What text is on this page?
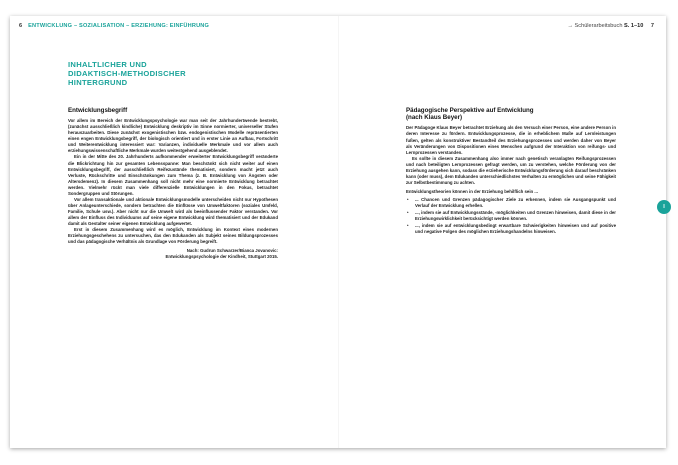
6 ENTWICKLUNG – SOZIALISATION – ERZIEHUNG: EINFÜHRUNG	→ Schülerarbeitsbuch S. 1–10 7
INHALTLICHER UND
DIDAKTISCH-METHODISCHER
HINTERGRUND
Entwicklungsbegriff

Vor allem im Bereich der Entwicklungspsychologie war man seit der Jahrhundertwende bestrebt, (zunächst ausschließlich kindliche) Entwicklung deskriptiv im Sinne normierter, universeller Stufen herauszuarbeiten. Diese zunächst exogenistischen bzw. endogenistischen Modelle repräsentierten einen engen Entwicklungsbegriff, der biologisch orientiert und in erster Linie an Aufbau, Fortschritt und Weiterentwicklung interessiert war: Varianzen, individuelle Merkmale und vor allem auch erziehungswissenschaftliche Merkmale wurden weitestgehend ausgeblendet.

Ein in der Mitte des 20. Jahrhunderts aufkommender erweiterter Entwicklungsbegriff veränderte die Blickrichtung hin zur gesamten Lebensspanne: Man beschränkt sich nicht weiter auf einen Entwicklungsbegriff, der ausschließlich Reifezustände thematisiert, sondern macht jetzt auch Verluste, Rückschritte und Einschränkungen zum Thema (z. B. Entwicklung von Ängsten oder Altersdemenz). In diesem Zusammenhang soll nicht mehr eine normierte Entwicklung betrachtet werden. Vielmehr rückt man viele differenzielle Entwicklungen in den Fokus, betrachtet Sondergruppen und Störungen.

Vor allem transaktionale und aktionale Entwicklungsmodelle unterscheiden nicht nur Hypothesen über Anlageunterschiede, sondern betrachten die Einflüsse von Umweltfaktoren (soziales Umfeld, Familie, Schule usw.). Aber nicht nur die Umwelt wird als beeinflussender Faktor verstanden. Vor allem der Einfluss des Individuums auf seine eigene Entwicklung wird thematisiert und der Edukand damit als Gestalter seiner eigenen Entwicklung aufgewertet.

Erst in diesem Zusammenhang wird es möglich, Entwicklung im Kontext eines modernen Erziehungsgeschehens zu untersuchen, das den Edukanden als Subjekt seines Bildungsprozesses und das pädagogische Verhältnis als Grundlage von Förderung begreift.

Nach: Gudrun Schwarzer/Bianca Jovanovic:
Entwicklungspsychologie der Kindheit, Stuttgart 2015.

Pädagogische Perspektive auf Entwicklung
(nach Klaus Beyer)

Der Pädagoge Klaus Beyer betrachtet Erziehung als den Versuch einer Person, eine andere Person in deren Interesse zu fördern. Entwicklungsprozesse, die in erheblichem Maße auf Lernleistungen fußen, gelten als konstruktiver Bestandteil des Erziehungsprozesses und werden daher von Beyer als Veränderungen von Dispositionen eines Menschen aufgrund der Interaktion von reifungs- und Lernprozessen verstanden.

Es sollte in diesem Zusammenhang also immer nach genetisch veranlagten Reifungsprozessen und nach beteiligten Lernprozessen gefragt werden, um zu verstehen, welche Förderung von der Erziehung ausgehen kann, sodass die erzieherische Entwicklungsförderung sich darauf beschränken kann (oder muss), dem Edukanden unterschiedlichstes Verhalten zu ermöglichen und seine Fähigkeit zur Selbstbestimmung zu achten.

Entwicklungstheorien können in der Erziehung behilflich sein ...

• ... Chancen und Grenzen pädagogischer Ziele zu erkennen, indem sie Ausgangspunkt und Verlauf der Entwicklung erhellen.
• ..., indem sie auf Entwicklungsstände, -möglichkeiten und Grenzen hinweisen, damit diese in der Erziehungswirklichkeit berücksichtigt werden können.
• ..., indem sie auf entwicklungsbedingt erwartbare Schwierigkeiten hinweisen und auf positive und negative Folgen des möglichen Erziehungshandelns hinweisen.
I
